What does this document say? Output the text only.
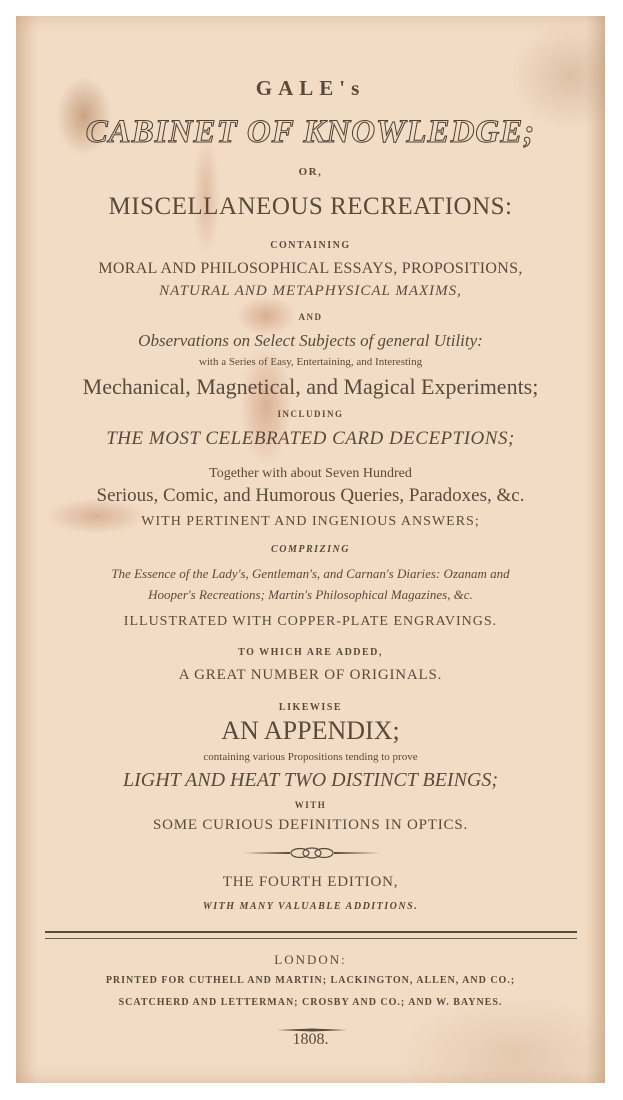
GALE's
CABINET OF KNOWLEDGE;
OR,
MISCELLANEOUS RECREATIONS:
CONTAINING
MORAL AND PHILOSOPHICAL ESSAYS, PROPOSITIONS,
NATURAL AND METAPHYSICAL MAXIMS,
AND
Observations on Select Subjects of general Utility:
with a Series of Easy, Entertaining, and Interesting
Mechanical, Magnetical, and Magical Experiments;
INCLUDING
THE MOST CELEBRATED CARD DECEPTIONS;
Together with about Seven Hundred
Serious, Comic, and Humorous Queries, Paradoxes, &c.
WITH PERTINENT AND INGENIOUS ANSWERS;
COMPRIZING
The Essence of the Lady's, Gentleman's, and Carnan's Diaries: Ozanam and
Hooper's Recreations; Martin's Philosophical Magazines, &c.
ILLUSTRATED WITH COPPER-PLATE ENGRAVINGS.
TO WHICH ARE ADDED,
A GREAT NUMBER OF ORIGINALS.
LIKEWISE
AN APPENDIX;
containing various Propositions tending to prove
LIGHT AND HEAT TWO DISTINCT BEINGS;
WITH
SOME CURIOUS DEFINITIONS IN OPTICS.
THE FOURTH EDITION,
WITH MANY VALUABLE ADDITIONS.
LONDON:
PRINTED FOR CUTHELL AND MARTIN; LACKINGTON, ALLEN, AND CO.;
SCATCHERD AND LETTERMAN; CROSBY AND CO.; AND W. BAYNES.
1808.
